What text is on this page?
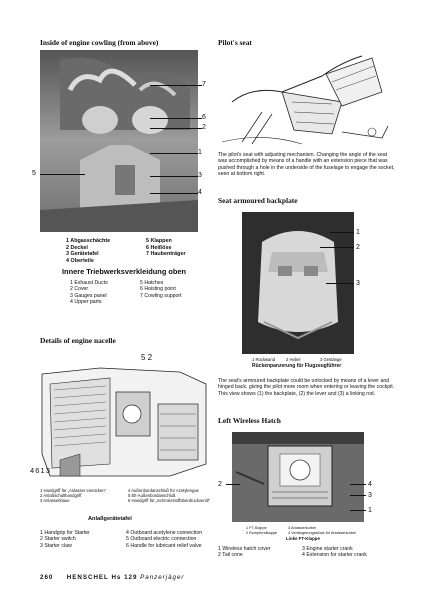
Inside of engine cowling (from above)
7
6
2
1
3
4
5
1 Abgasschächte	5 Klappen
2 Deckel	6 Heißöse
3 Gerätetafel	7 Haubenträger
4 Oberteile
Innere Triebwerksverkleidung oben
1 Exhaust Ducts	5 Hatches
2 Cover	6 Hoisting point
3 Gauges panel	7 Cowling support
4 Upper parts
Details of engine nacelle
5 2
4 6 1 3
1 Handgriff für „Anlasser einrücken"	4 Außenbordanschluß für Azetylengas
2 Anlaßschalthandgriff	5 Elt-Außenbordanschluß
3 Anlasserklaue	6 Handgriff für „Schmierstoffüberdruckventil"
Anlaßgerätetafel
1 Handgrip for Starter	4 Outboard acetylene connection
2 Starter switch	5 Outboard electric connection
3 Starter claw	6 Handle for lubricant relief valve
Pilot's seat
The pilot's seat with adjusting mechanism. Changing the angle of the seat was accomplished by means of a handle with an extension piece that was pushed through a hole in the underside of the fuselage to engage the socket, seen at bottom right.
Seat armoured backplate
1
2
3
1 Rückwand	2 Hebel	3 Gestänge
Rückenpanzerung für Flugzeugführer
The seat's armoured backplate could be unlocked by means of a lever and hinged back, giving the pilot more room when entering or leaving the cockpit. This view shows (1) the backplate, (2) the lever and (3) a linking rod.
Left Wireless Hatch
2	4
3
1
1 FT-Klappe	3 Anlasserkurbel
2 Rumpfendkappe	4 Verlängerungsstück für Anlasserkurbel
Linke FT-Klappe
1 Wireless hatch cover	3 Engine starter crank
2 Tail cone	4 Extension for starter crank
260 HENSCHEL Hs 129 Panzerjäger
